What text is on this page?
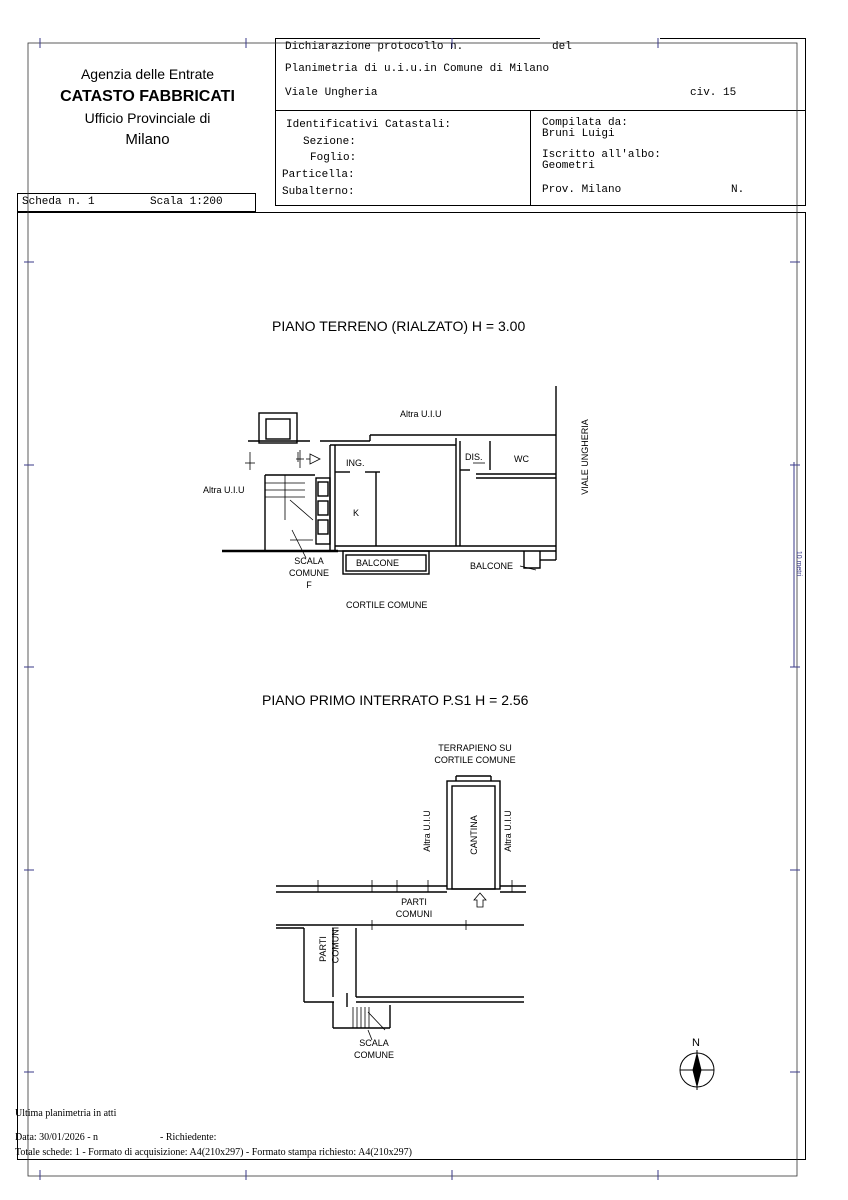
Agenzia delle Entrate
CATASTO FABBRICATI
Ufficio Provinciale di
Milano
Dichiarazione protocollo n.	del
Planimetria di u.i.u.in Comune di Milano
Viale Ungheria	civ. 15
Identificativi Catastali:
Sezione:
Foglio:
Particella:
Subalterno:
Compilata da:
Bruni Luigi
Iscritto all'albo:
Geometri
Prov. Milano	N.
Scheda n. 1	Scala 1:200
PIANO TERRENO (RIALZATO) H = 3.00
Altra U.I.U
Altra U.I.U
ING.
DIS.	WC
K
VIALE UNGHERIA
BALCONE	BALCONE
SCALA
COMUNE
F
CORTILE COMUNE
PIANO PRIMO INTERRATO P.S1 H = 2.56
TERRAPIENO SU
CORTILE COMUNE
Altra U.I.U	CANTINA	Altra U.I.U
PARTI
COMUNI
PARTI COMUNI
SCALA
COMUNE
N
10 metri
Ultima planimetria in atti
Data: 30/01/2026 - n	- Richiedente:
Totale schede: 1 - Formato di acquisizione: A4(210x297) - Formato stampa richiesto: A4(210x297)
